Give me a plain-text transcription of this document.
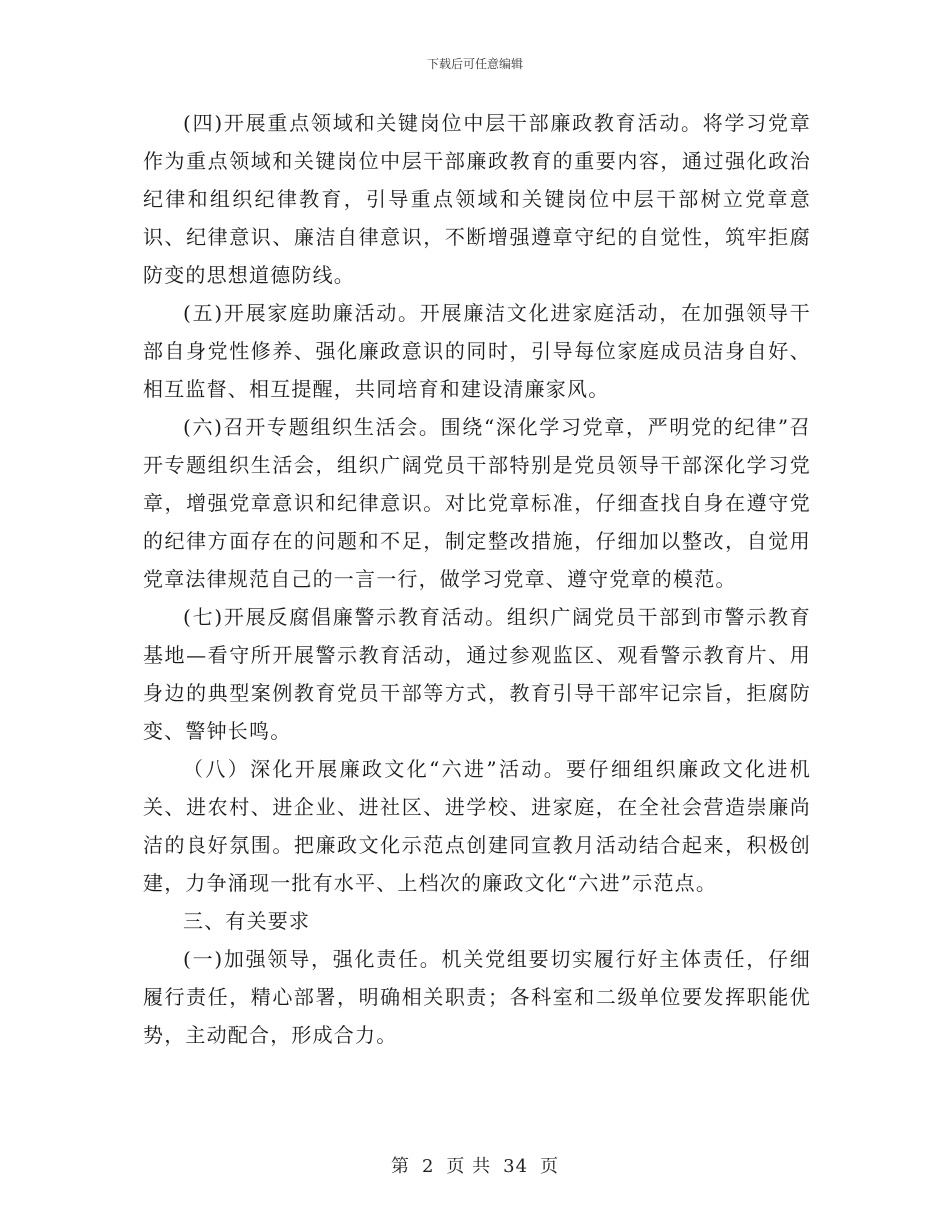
下载后可任意编辑

(四)开展重点领域和关键岗位中层干部廉政教育活动。将学习党章作为重点领域和关键岗位中层干部廉政教育的重要内容，通过强化政治纪律和组织纪律教育，引导重点领域和关键岗位中层干部树立党章意识、纪律意识、廉洁自律意识，不断增强遵章守纪的自觉性，筑牢拒腐防变的思想道德防线。

(五)开展家庭助廉活动。开展廉洁文化进家庭活动，在加强领导干部自身党性修养、强化廉政意识的同时，引导每位家庭成员洁身自好、相互监督、相互提醒，共同培育和建设清廉家风。

(六)召开专题组织生活会。围绕“深化学习党章，严明党的纪律”召开专题组织生活会，组织广阔党员干部特别是党员领导干部深化学习党章，增强党章意识和纪律意识。对比党章标准，仔细查找自身在遵守党的纪律方面存在的问题和不足，制定整改措施，仔细加以整改，自觉用党章法律规范自己的一言一行，做学习党章、遵守党章的模范。

(七)开展反腐倡廉警示教育活动。组织广阔党员干部到市警示教育基地—看守所开展警示教育活动，通过参观监区、观看警示教育片、用身边的典型案例教育党员干部等方式，教育引导干部牢记宗旨，拒腐防变、警钟长鸣。

（八）深化开展廉政文化“六进”活动。要仔细组织廉政文化进机关、进农村、进企业、进社区、进学校、进家庭，在全社会营造崇廉尚洁的良好氛围。把廉政文化示范点创建同宣教月活动结合起来，积极创建，力争涌现一批有水平、上档次的廉政文化“六进”示范点。

三、有关要求

(一)加强领导，强化责任。机关党组要切实履行好主体责任，仔细履行责任，精心部署，明确相关职责；各科室和二级单位要发挥职能优势，主动配合，形成合力。

第 2 页 共 34 页
